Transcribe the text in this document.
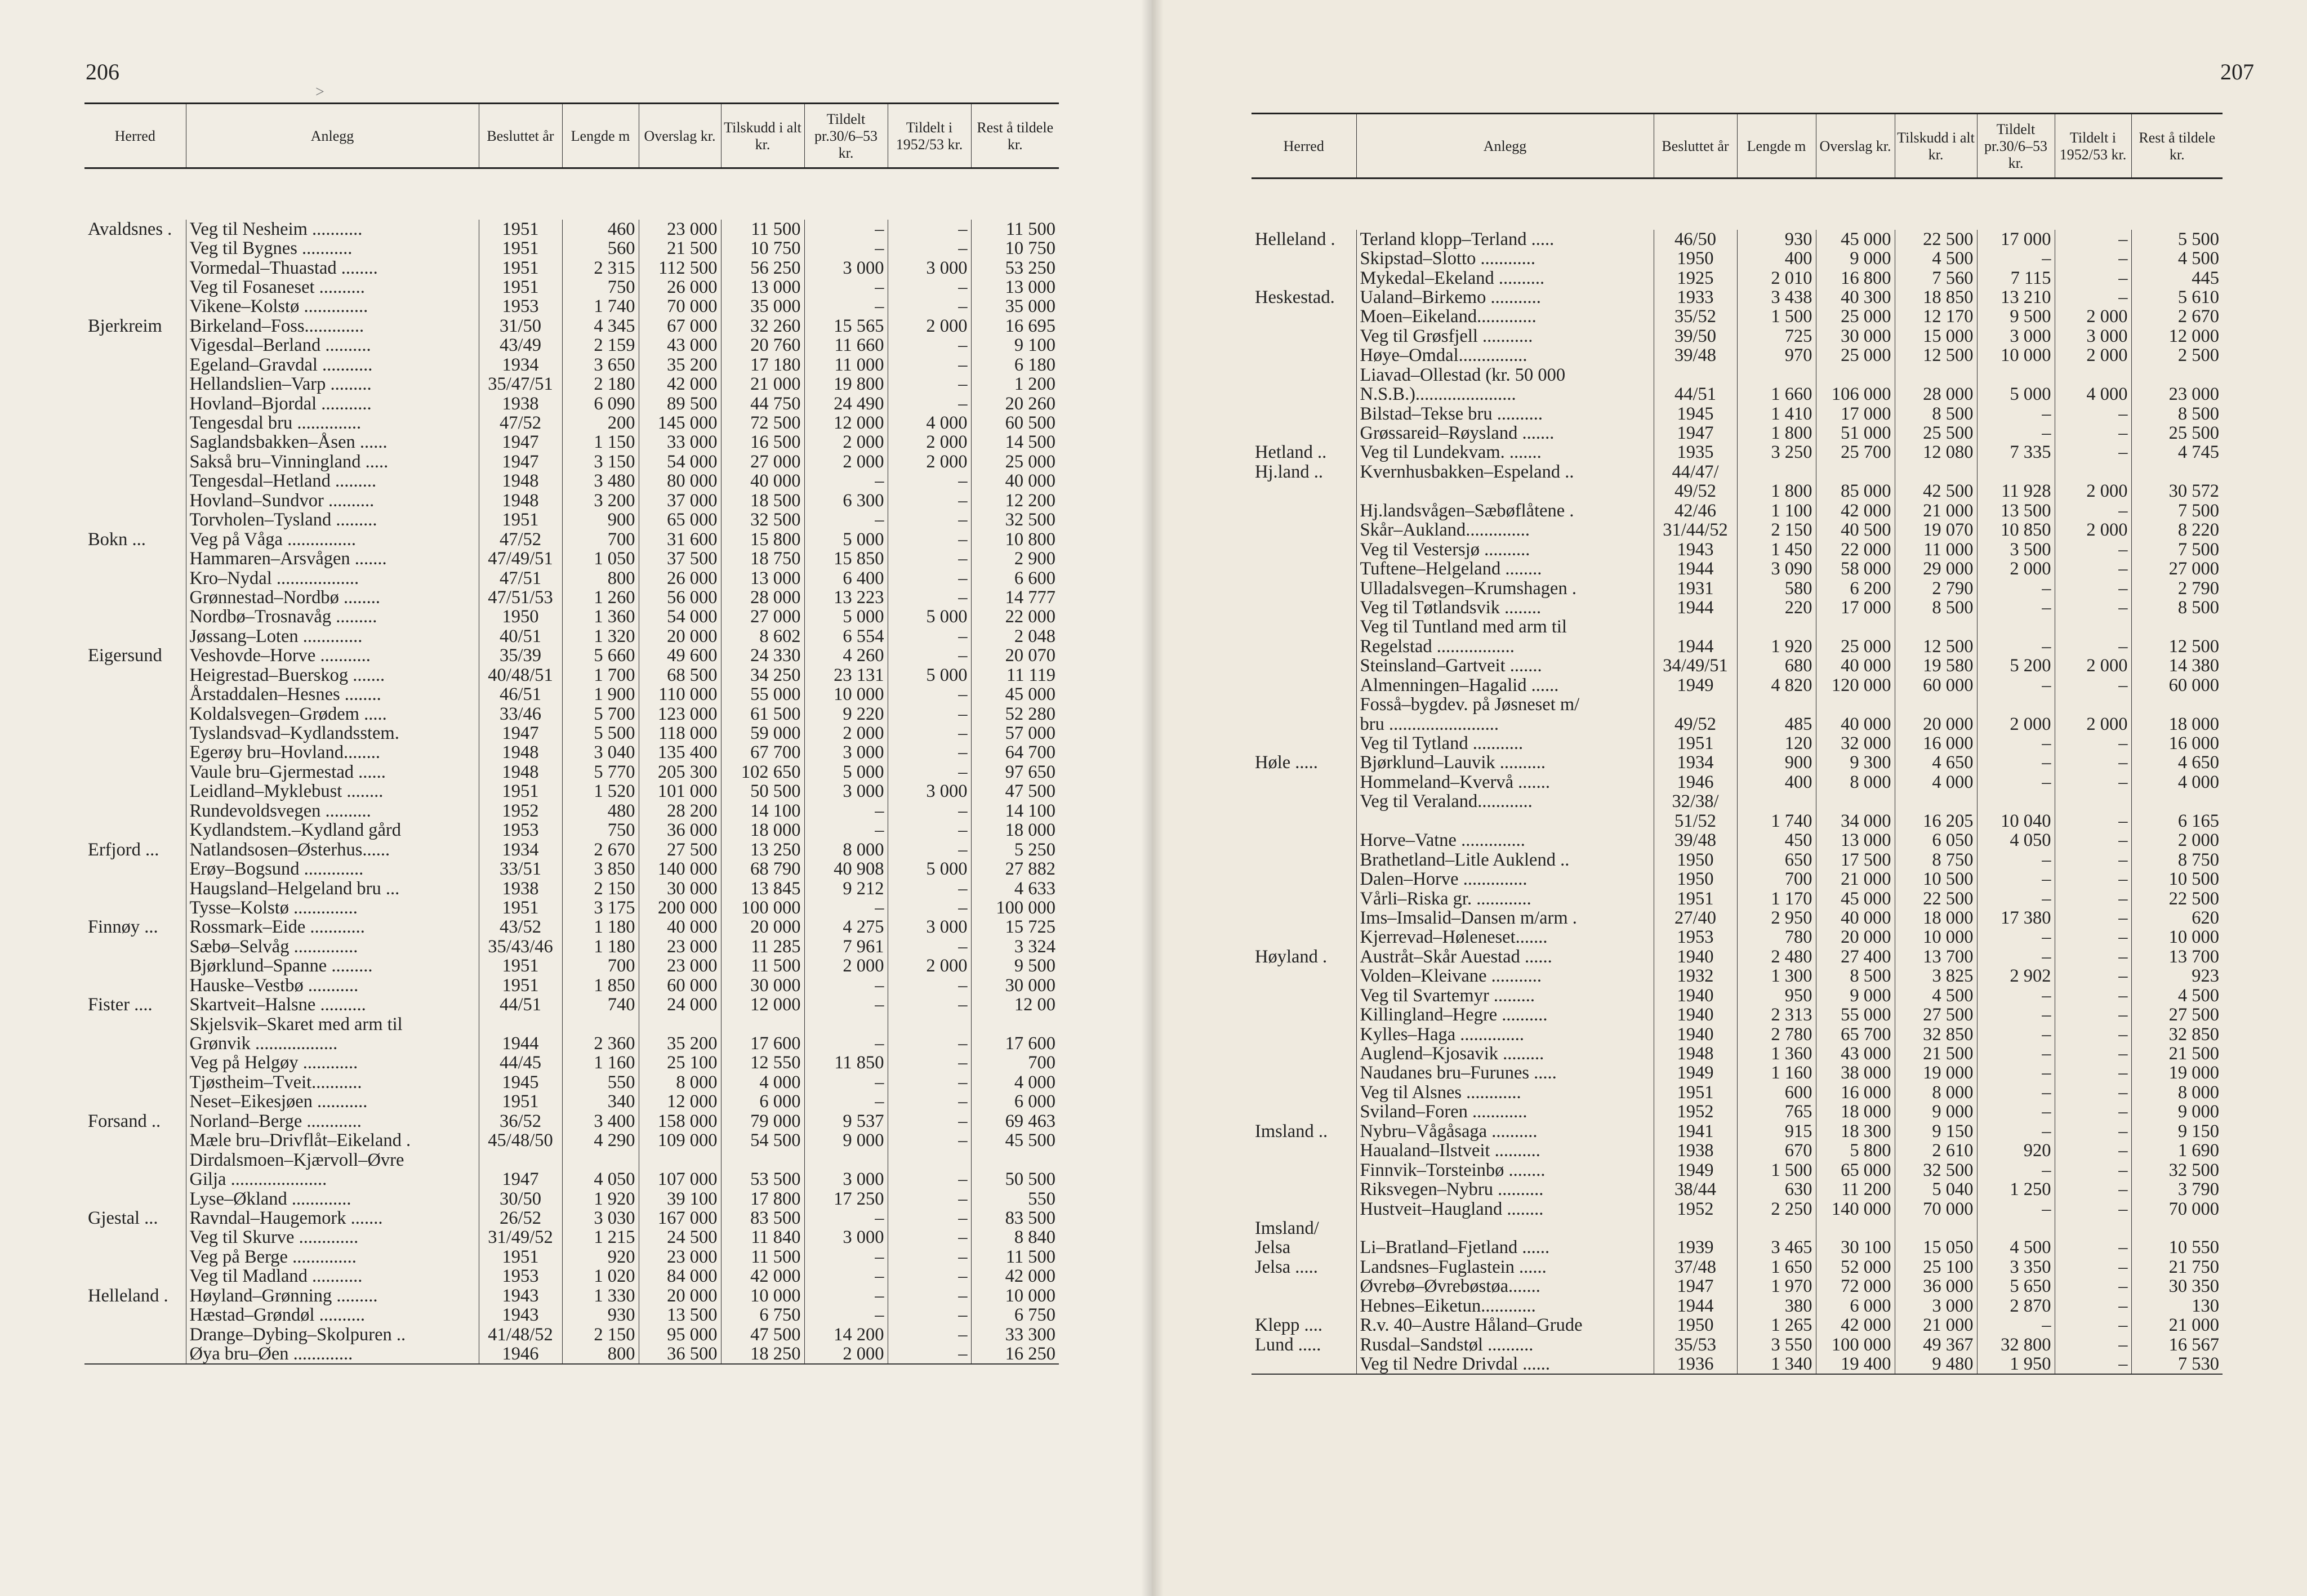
206
>
Herred	Anlegg	Besluttet år	Lengde m	Overslag kr.	Tilskudd i alt kr.	Tildelt pr.30/6–53 kr.	Tildelt i 1952/53 kr.	Rest å tildele kr.

Avaldsnes .	Veg til Nesheim ...........	1951	460	23 000	11 500	–	–	11 500
	Veg til Bygnes ...........	1951	560	21 500	10 750	–	–	10 750
	Vormedal–Thuastad ........	1951	2 315	112 500	56 250	3 000	3 000	53 250
	Veg til Fosaneset ..........	1951	750	26 000	13 000	–	–	13 000
	Vikene–Kolstø ..............	1953	1 740	70 000	35 000	–	–	35 000
Bjerkreim	Birkeland–Foss.............	31/50	4 345	67 000	32 260	15 565	2 000	16 695
	Vigesdal–Berland ..........	43/49	2 159	43 000	20 760	11 660	–	9 100
	Egeland–Gravdal ...........	1934	3 650	35 200	17 180	11 000	–	6 180
	Hellandslien–Varp .........	35/47/51	2 180	42 000	21 000	19 800	–	1 200
	Hovland–Bjordal ...........	1938	6 090	89 500	44 750	24 490	–	20 260
	Tengesdal bru ..............	47/52	200	145 000	72 500	12 000	4 000	60 500
	Saglandsbakken–Åsen ......	1947	1 150	33 000	16 500	2 000	2 000	14 500
	Sakså bru–Vinningland .....	1947	3 150	54 000	27 000	2 000	2 000	25 000
	Tengesdal–Hetland .........	1948	3 480	80 000	40 000	–	–	40 000
	Hovland–Sundvor ..........	1948	3 200	37 000	18 500	6 300	–	12 200
	Torvholen–Tysland .........	1951	900	65 000	32 500	–	–	32 500
Bokn ...	Veg på Våga ...............	47/52	700	31 600	15 800	5 000	–	10 800
	Hammaren–Arsvågen .......	47/49/51	1 050	37 500	18 750	15 850	–	2 900
	Kro–Nydal ..................	47/51	800	26 000	13 000	6 400	–	6 600
	Grønnestad–Nordbø ........	47/51/53	1 260	56 000	28 000	13 223	–	14 777
	Nordbø–Trosnavåg .........	1950	1 360	54 000	27 000	5 000	5 000	22 000
	Jøssang–Loten .............	40/51	1 320	20 000	8 602	6 554	–	2 048
Eigersund	Veshovde–Horve ...........	35/39	5 660	49 600	24 330	4 260	–	20 070
	Heigrestad–Buerskog .......	40/48/51	1 700	68 500	34 250	23 131	5 000	11 119
	Årstaddalen–Hesnes ........	46/51	1 900	110 000	55 000	10 000	–	45 000
	Koldalsvegen–Grødem .....	33/46	5 700	123 000	61 500	9 220	–	52 280
	Tyslandsvad–Kydlandsstem.	1947	5 500	118 000	59 000	2 000	–	57 000
	Egerøy bru–Hovland........	1948	3 040	135 400	67 700	3 000	–	64 700
	Vaule bru–Gjermestad ......	1948	5 770	205 300	102 650	5 000	–	97 650
	Leidland–Myklebust ........	1951	1 520	101 000	50 500	3 000	3 000	47 500
	Rundevoldsvegen ..........	1952	480	28 200	14 100	–	–	14 100
	Kydlandstem.–Kydland gård	1953	750	36 000	18 000	–	–	18 000
Erfjord ...	Natlandsosen–Østerhus......	1934	2 670	27 500	13 250	8 000	–	5 250
	Erøy–Bogsund .............	33/51	3 850	140 000	68 790	40 908	5 000	27 882
	Haugsland–Helgeland bru ...	1938	2 150	30 000	13 845	9 212	–	4 633
	Tysse–Kolstø ..............	1951	3 175	200 000	100 000	–	–	100 000
Finnøy ...	Rossmark–Eide ............	43/52	1 180	40 000	20 000	4 275	3 000	15 725
	Sæbø–Selvåg ..............	35/43/46	1 180	23 000	11 285	7 961	–	3 324
	Bjørklund–Spanne .........	1951	700	23 000	11 500	2 000	2 000	9 500
	Hauske–Vestbø ...........	1951	1 850	60 000	30 000	–	–	30 000
Fister ....	Skartveit–Halsne ..........	44/51	740	24 000	12 000	–	–	12 00
	Skjelsvik–Skaret med arm til							
	Grønvik ..................	1944	2 360	35 200	17 600	–	–	17 600
	Veg på Helgøy ............	44/45	1 160	25 100	12 550	11 850	–	700
	Tjøstheim–Tveit...........	1945	550	8 000	4 000	–	–	4 000
	Neset–Eikesjøen ...........	1951	340	12 000	6 000	–	–	6 000
Forsand ..	Norland–Berge ............	36/52	3 400	158 000	79 000	9 537	–	69 463
	Mæle bru–Drivflåt–Eikeland .	45/48/50	4 290	109 000	54 500	9 000	–	45 500
	Dirdalsmoen–Kjærvoll–Øvre							
	Gilja .....................	1947	4 050	107 000	53 500	3 000	–	50 500
	Lyse–Økland .............	30/50	1 920	39 100	17 800	17 250	–	550
Gjestal ...	Ravndal–Haugemork .......	26/52	3 030	167 000	83 500	–	–	83 500
	Veg til Skurve .............	31/49/52	1 215	24 500	11 840	3 000	–	8 840
	Veg på Berge ..............	1951	920	23 000	11 500	–	–	11 500
	Veg til Madland ...........	1953	1 020	84 000	42 000	–	–	42 000
Helleland .	Høyland–Grønning .........	1943	1 330	20 000	10 000	–	–	10 000
	Hæstad–Grøndøl ..........	1943	930	13 500	6 750	–	–	6 750
	Drange–Dybing–Skolpuren ..	41/48/52	2 150	95 000	47 500	14 200	–	33 300
	Øya bru–Øen .............	1946	800	36 500	18 250	2 000	–	16 250
207
Herred	Anlegg	Besluttet år	Lengde m	Overslag kr.	Tilskudd i alt kr.	Tildelt pr.30/6–53 kr.	Tildelt i 1952/53 kr.	Rest å tildele kr.

Helleland .	Terland klopp–Terland .....	46/50	930	45 000	22 500	17 000	–	5 500
	Skipstad–Slotto ............	1950	400	9 000	4 500	–	–	4 500
	Mykedal–Ekeland ..........	1925	2 010	16 800	7 560	7 115	–	445
Heskestad.	Ualand–Birkemo ...........	1933	3 438	40 300	18 850	13 210	–	5 610
	Moen–Eikeland.............	35/52	1 500	25 000	12 170	9 500	2 000	2 670
	Veg til Grøsfjell ...........	39/50	725	30 000	15 000	3 000	3 000	12 000
	Høye–Omdal...............	39/48	970	25 000	12 500	10 000	2 000	2 500
	Liavad–Ollestad (kr. 50 000							
	N.S.B.)......................	44/51	1 660	106 000	28 000	5 000	4 000	23 000
	Bilstad–Tekse bru ..........	1945	1 410	17 000	8 500	–	–	8 500
	Grøssareid–Røysland .......	1947	1 800	51 000	25 500	–	–	25 500
Hetland ..	Veg til Lundekvam. .......	1935	3 250	25 700	12 080	7 335	–	4 745
Hj.land ..	Kvernhusbakken–Espeland ..	44/47/						
		49/52	1 800	85 000	42 500	11 928	2 000	30 572
	Hj.landsvågen–Sæbøflåtene .	42/46	1 100	42 000	21 000	13 500	–	7 500
	Skår–Aukland..............	31/44/52	2 150	40 500	19 070	10 850	2 000	8 220
	Veg til Vestersjø ..........	1943	1 450	22 000	11 000	3 500	–	7 500
	Tuftene–Helgeland ........	1944	3 090	58 000	29 000	2 000	–	27 000
	Ulladalsvegen–Krumshagen .	1931	580	6 200	2 790	–	–	2 790
	Veg til Tøtlandsvik ........	1944	220	17 000	8 500	–	–	8 500
	Veg til Tuntland med arm til							
	Regelstad .................	1944	1 920	25 000	12 500	–	–	12 500
	Steinsland–Gartveit .......	34/49/51	680	40 000	19 580	5 200	2 000	14 380
	Almenningen–Hagalid ......	1949	4 820	120 000	60 000	–	–	60 000
	Fosså–bygdev. på Jøsneset m/							
	bru ........................	49/52	485	40 000	20 000	2 000	2 000	18 000
	Veg til Tytland ...........	1951	120	32 000	16 000	–	–	16 000
Høle .....	Bjørklund–Lauvik ..........	1934	900	9 300	4 650	–	–	4 650
	Hommeland–Kvervå .......	1946	400	8 000	4 000	–	–	4 000
	Veg til Veraland............	32/38/						
		51/52	1 740	34 000	16 205	10 040	–	6 165
	Horve–Vatne ..............	39/48	450	13 000	6 050	4 050	–	2 000
	Brathetland–Litle Auklend ..	1950	650	17 500	8 750	–	–	8 750
	Dalen–Horve ..............	1950	700	21 000	10 500	–	–	10 500
	Vårli–Riska gr. ............	1951	1 170	45 000	22 500	–	–	22 500
	Ims–Imsalid–Dansen m/arm .	27/40	2 950	40 000	18 000	17 380	–	620
	Kjerrevad–Høleneset.......	1953	780	20 000	10 000	–	–	10 000
Høyland .	Austråt–Skår Auestad ......	1940	2 480	27 400	13 700	–	–	13 700
	Volden–Kleivane ...........	1932	1 300	8 500	3 825	2 902	–	923
	Veg til Svartemyr .........	1940	950	9 000	4 500	–	–	4 500
	Killingland–Hegre ..........	1940	2 313	55 000	27 500	–	–	27 500
	Kylles–Haga ..............	1940	2 780	65 700	32 850	–	–	32 850
	Auglend–Kjosavik .........	1948	1 360	43 000	21 500	–	–	21 500
	Naudanes bru–Furunes .....	1949	1 160	38 000	19 000	–	–	19 000
	Veg til Alsnes ............	1951	600	16 000	8 000	–	–	8 000
	Sviland–Foren ............	1952	765	18 000	9 000	–	–	9 000
Imsland ..	Nybru–Vågåsaga ..........	1941	915	18 300	9 150	–	–	9 150
	Haualand–Ilstveit ..........	1938	670	5 800	2 610	920	–	1 690
	Finnvik–Torsteinbø ........	1949	1 500	65 000	32 500	–	–	32 500
	Riksvegen–Nybru ..........	38/44	630	11 200	5 040	1 250	–	3 790
	Hustveit–Haugland ........	1952	2 250	140 000	70 000	–	–	70 000
Imsland/								
Jelsa	Li–Bratland–Fjetland ......	1939	3 465	30 100	15 050	4 500	–	10 550
Jelsa .....	Landsnes–Fuglastein ......	37/48	1 650	52 000	25 100	3 350	–	21 750
	Øvrebø–Øvrebøstøa.......	1947	1 970	72 000	36 000	5 650	–	30 350
	Hebnes–Eiketun............	1944	380	6 000	3 000	2 870	–	130
Klepp ....	R.v. 40–Austre Håland–Grude	1950	1 265	42 000	21 000	–	–	21 000
Lund .....	Rusdal–Sandstøl ..........	35/53	3 550	100 000	49 367	32 800	–	16 567
	Veg til Nedre Drivdal ......	1936	1 340	19 400	9 480	1 950	–	7 530
